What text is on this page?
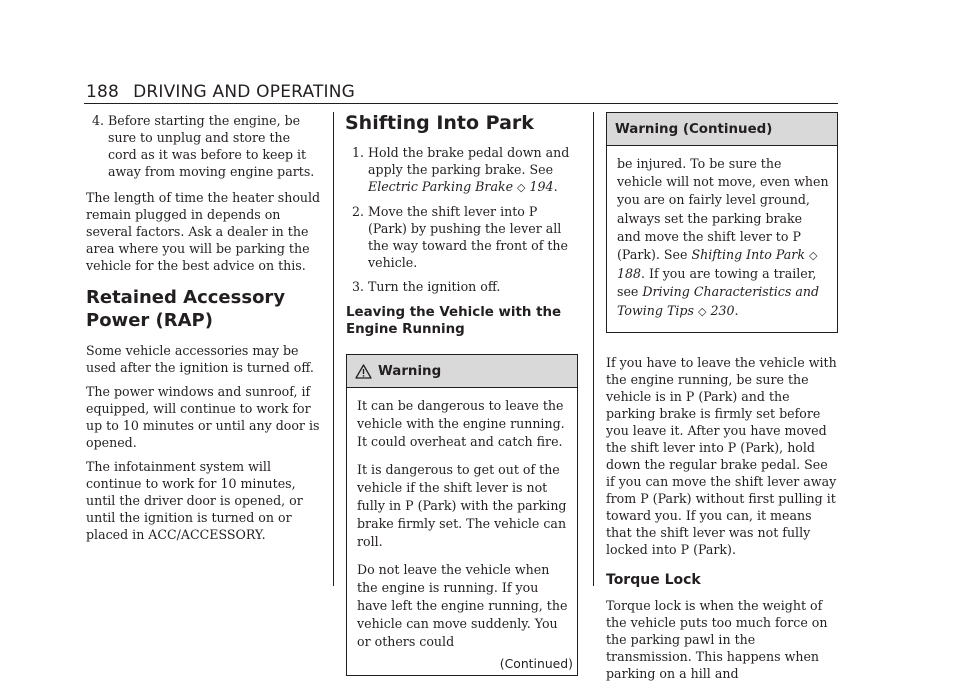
188 DRIVING AND OPERATING
4. Before starting the engine, be sure to unplug and store the cord as it was before to keep it away from moving engine parts.

The length of time the heater should remain plugged in depends on several factors. Ask a dealer in the area where you will be parking the vehicle for the best advice on this.

Retained Accessory Power (RAP)

Some vehicle accessories may be used after the ignition is turned off.

The power windows and sunroof, if equipped, will continue to work for up to 10 minutes or until any door is opened.

The infotainment system will continue to work for 10 minutes, until the driver door is opened, or until the ignition is turned on or placed in ACC/ACCESSORY.

Shifting Into Park
1. Hold the brake pedal down and apply the parking brake. See Electric Parking Brake ◇ 194.
2. Move the shift lever into P (Park) by pushing the lever all the way toward the front of the vehicle.
3. Turn the ignition off.
Leaving the Vehicle with the Engine Running
Warning

It can be dangerous to leave the vehicle with the engine running. It could overheat and catch fire.

It is dangerous to get out of the vehicle if the shift lever is not fully in P (Park) with the parking brake firmly set. The vehicle can roll.

Do not leave the vehicle when the engine is running. If you have left the engine running, the vehicle can move suddenly. You or others could

(Continued)
Warning (Continued)

be injured. To be sure the vehicle will not move, even when you are on fairly level ground, always set the parking brake and move the shift lever to P (Park). See Shifting Into Park ◇ 188. If you are towing a trailer, see Driving Characteristics and Towing Tips ◇ 230.

If you have to leave the vehicle with the engine running, be sure the vehicle is in P (Park) and the parking brake is firmly set before you leave it. After you have moved the shift lever into P (Park), hold down the regular brake pedal. See if you can move the shift lever away from P (Park) without first pulling it toward you. If you can, it means that the shift lever was not fully locked into P (Park).

Torque Lock

Torque lock is when the weight of the vehicle puts too much force on the parking pawl in the transmission. This happens when parking on a hill and
